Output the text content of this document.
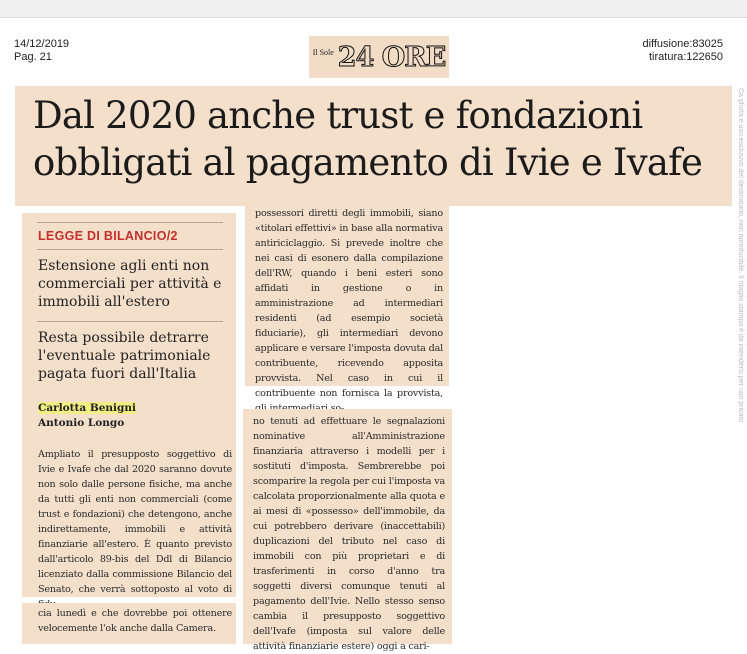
14/12/2019
Pag. 21	Il Sole 24 ORE	diffusione:83025
tiratura:122650
Dal 2020 anche trust e fondazioni
obbligati al pagamento di Ivie e Ivafe	Ca gfurta e uso esclusivo del destinatario, non riproducibile. Il ritaglio stampa è da intendersi per uso privato
LEGGE DI BILANCIO/2
Estensione agli enti non commerciali per attività e immobili all'estero
Resta possibile detrarre l'eventuale patrimoniale pagata fuori dall'Italia
Carlotta Benigni
Antonio Longo
Ampliato il presupposto soggettivo di Ivie e Ivafe che dal 2020 saranno dovute non solo dalle persone fisiche, ma anche da tutti gli enti non commerciali (come trust e fondazioni) che detengono, anche indirettamente, immobili e attività finanziarie all'estero. È quanto previsto dall'articolo 89-bis del Ddl di Bilancio licenziato dalla commissione Bilancio del Senato, che verrà sottoposto al voto di
cia lunedì e che dovrebbe poi ottenere velocemente l'ok anche dalla Camera.
possessori diretti degli immobili, siano «titolari effettivi» in base alla normativa antiriciclaggio. Si prevede inoltre che nei casi di esonero dalla compilazione dell'RW, quando i beni esteri sono affidati in gestione o in amministrazione ad intermediari residenti (ad esempio società fiduciarie), gli intermediari devono applicare e versare l'imposta dovuta dal contribuente, ricevendo apposita provvista. Nel caso in cui il contribuente non fornisca la provvista,
no tenuti ad effettuare le segnalazioni nominative all'Amministrazione finanziaria attraverso i modelli per i sostituti d'imposta. Sembrerebbe poi scomparire la regola per cui l'imposta va calcolata proporzionalmente alla quota e ai mesi di «possesso» dell'immobile, da cui potrebbero derivare (inaccettabili) duplicazioni del tributo nel caso di immobili con più proprietari e di trasferimenti in corso d'anno tra soggetti diversi comunque tenuti al pagamento dell'Ivie. Nello stesso senso cambia il presupposto soggettivo dell'Ivafe (imposta sul valore delle attività finanziarie estere) oggi a cari-
